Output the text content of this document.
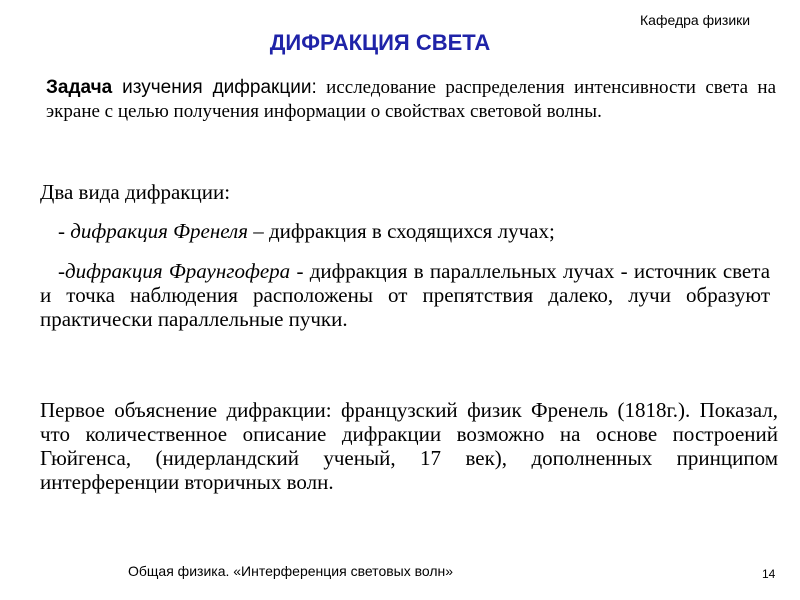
Кафедра физики
ДИФРАКЦИЯ СВЕТА
Задача изучения дифракции: исследование распределения интенсивности света на экране с целью получения информации о свойствах световой волны.
Два вида дифракции:
- дифракция Френеля – дифракция в сходящихся лучах;
-дифракция Фраунгофера - дифракция в параллельных лучах - источник света и точка наблюдения расположены от препятствия далеко, лучи образуют практически параллельные пучки.
Первое объяснение дифракции: французский физик Френель (1818г.). Показал, что количественное описание дифракции возможно на основе построений Гюйгенса, (нидерландский ученый, 17 век), дополненных принципом интерференции вторичных волн.
Общая физика. «Интерференция световых волн»	14
